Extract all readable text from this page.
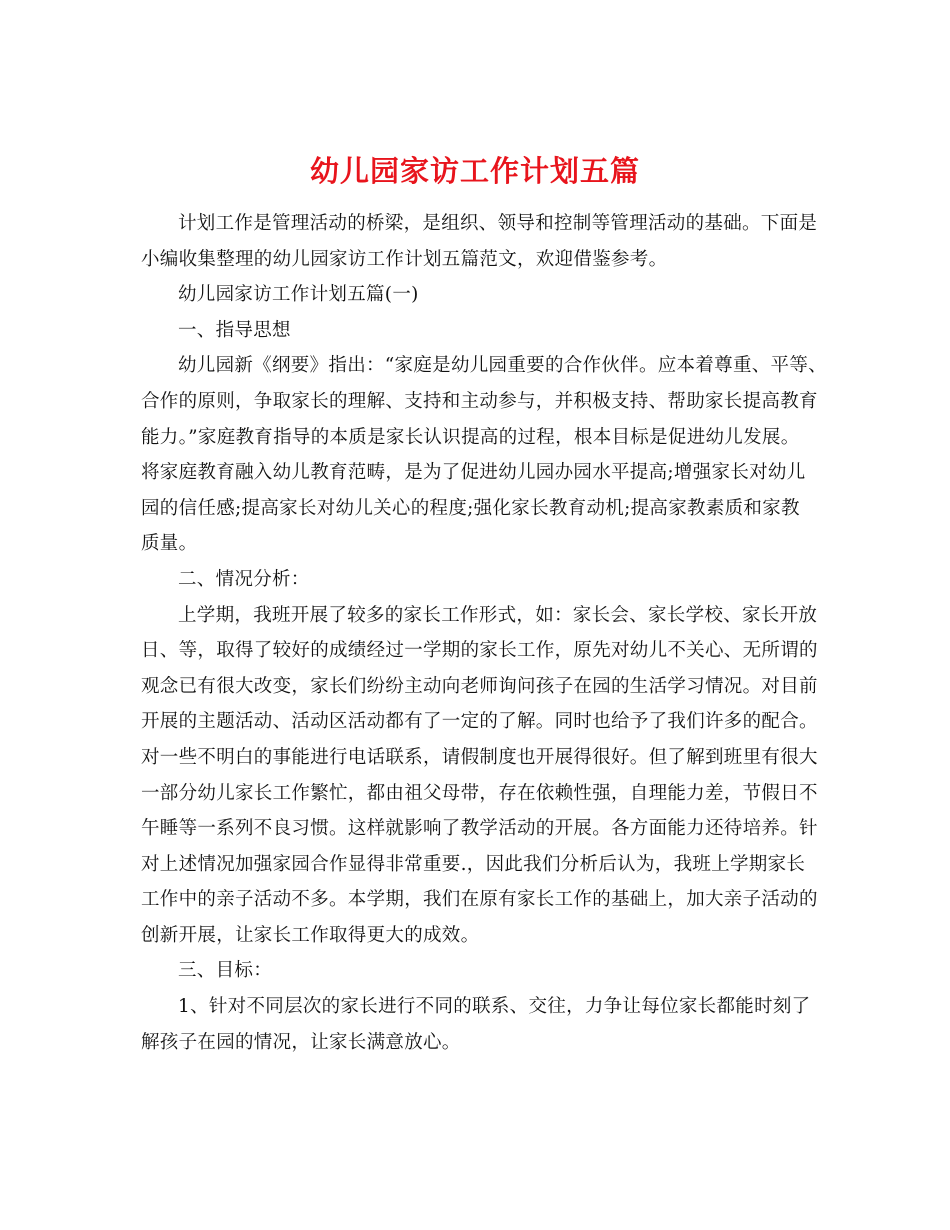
幼儿园家访工作计划五篇

计划工作是管理活动的桥梁，是组织、领导和控制等管理活动的基础。下面是
小编收集整理的幼儿园家访工作计划五篇范文，欢迎借鉴参考。

幼儿园家访工作计划五篇(一)

一、指导思想

幼儿园新《纲要》指出：“家庭是幼儿园重要的合作伙伴。应本着尊重、平等、
合作的原则，争取家长的理解、支持和主动参与，并积极支持、帮助家长提高教育
能力。”家庭教育指导的本质是家长认识提高的过程，根本目标是促进幼儿发展。
将家庭教育融入幼儿教育范畴，是为了促进幼儿园办园水平提高;增强家长对幼儿
园的信任感;提高家长对幼儿关心的程度;强化家长教育动机;提高家教素质和家教
质量。

二、情况分析：

上学期，我班开展了较多的家长工作形式，如：家长会、家长学校、家长开放
日、等，取得了较好的成绩经过一学期的家长工作，原先对幼儿不关心、无所谓的
观念已有很大改变，家长们纷纷主动向老师询问孩子在园的生活学习情况。对目前
开展的主题活动、活动区活动都有了一定的了解。同时也给予了我们许多的配合。
对一些不明白的事能进行电话联系，请假制度也开展得很好。但了解到班里有很大
一部分幼儿家长工作繁忙，都由祖父母带，存在依赖性强，自理能力差，节假日不
午睡等一系列不良习惯。这样就影响了教学活动的开展。各方面能力还待培养。针
对上述情况加强家园合作显得非常重要.，因此我们分析后认为，我班上学期家长
工作中的亲子活动不多。本学期，我们在原有家长工作的基础上，加大亲子活动的
创新开展，让家长工作取得更大的成效。

三、目标：

1、针对不同层次的家长进行不同的联系、交往，力争让每位家长都能时刻了
解孩子在园的情况，让家长满意放心。
